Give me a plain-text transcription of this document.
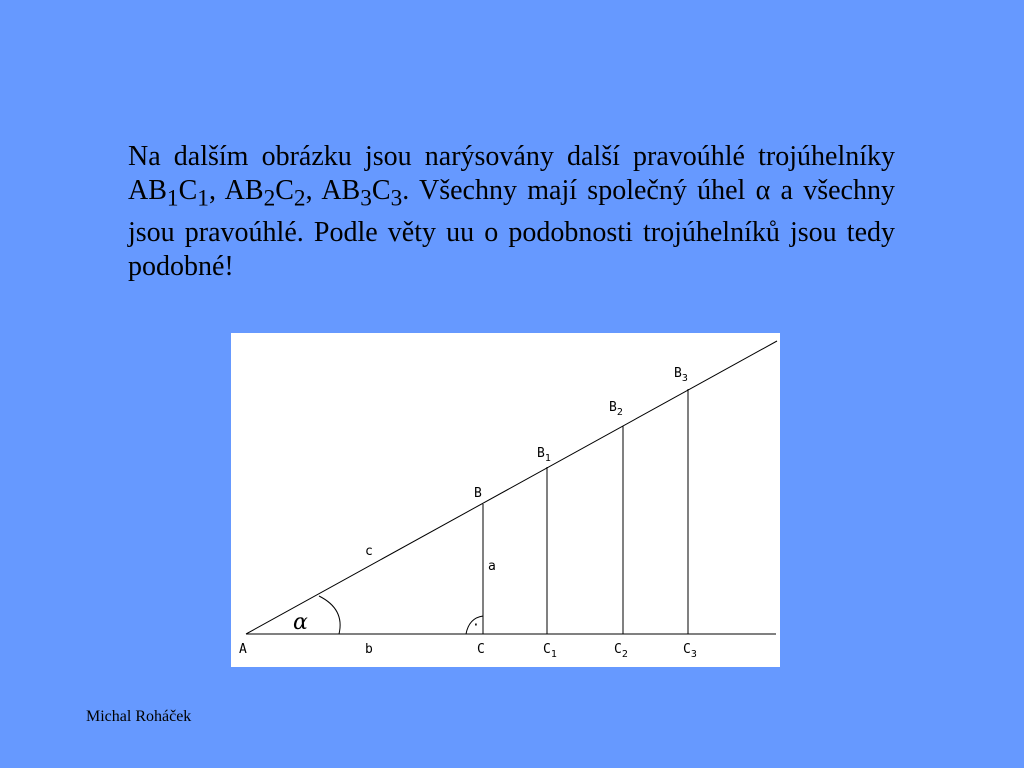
Na dalším obrázku jsou narýsovány další pravoúhlé trojúhelníky $AB_1C_1$, $AB_2C_2$, $AB_3C_3$. Všechny mají společný úhel α a všechny jsou pravoúhlé. Podle věty uu o podobnosti trojúhelníků jsou tedy podobné!

A	b
c
a
α	·
B
$B_1$
$B_2$
$B_3$
C	$C_1$	$C_2$	$C_3$
Michal Roháček
